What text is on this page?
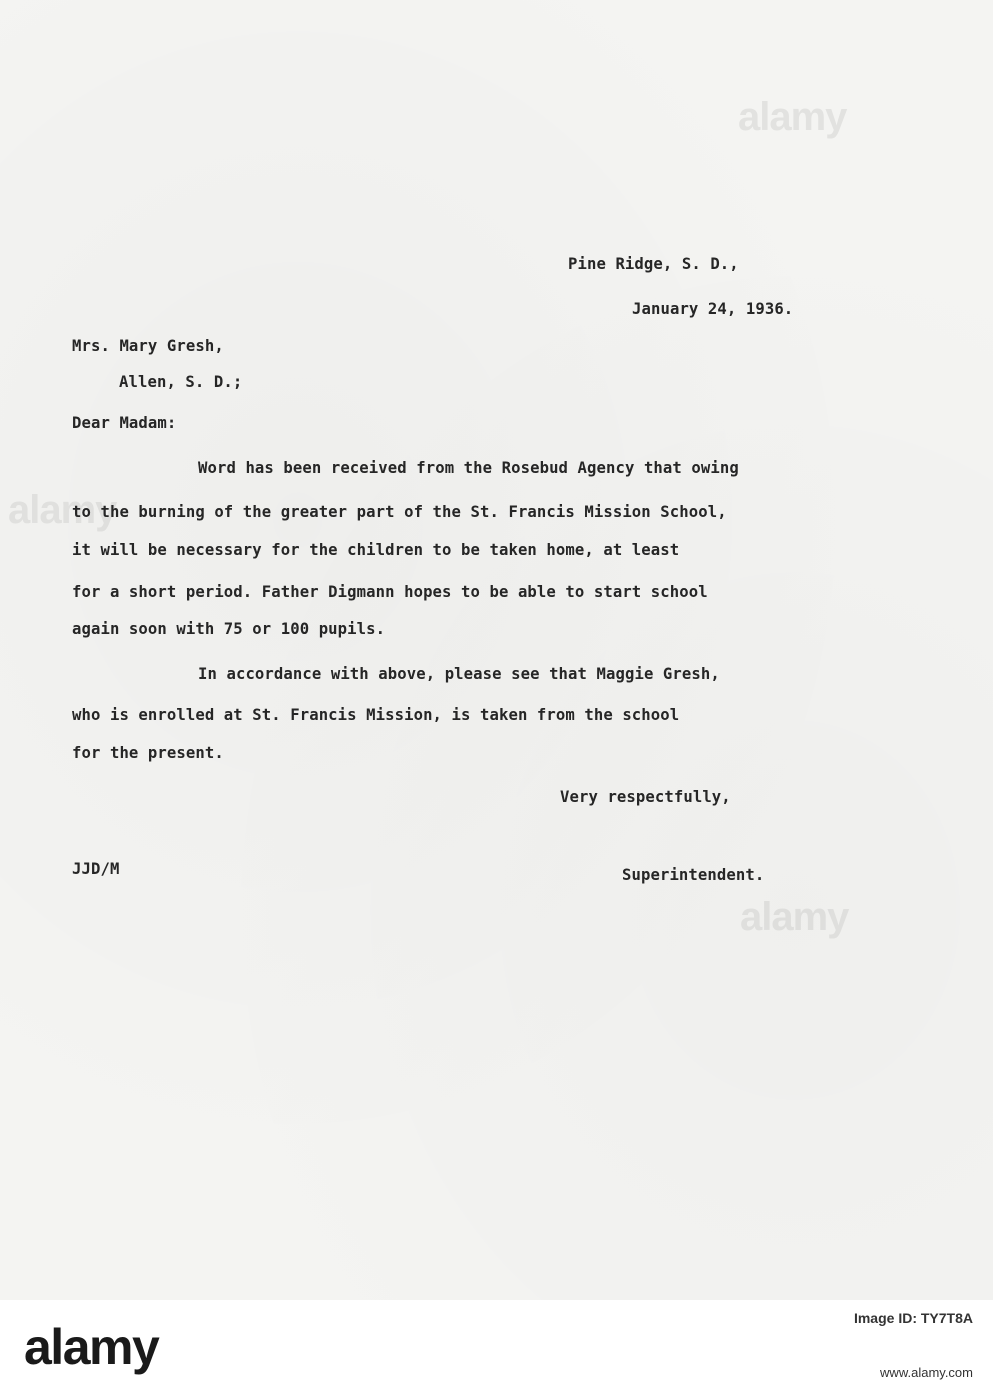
alamy
alamy
alamy
Pine Ridge, S. D.,
January 24, 1936.
Mrs. Mary Gresh,
Allen, S. D.;
Dear Madam:
Word has been received from the Rosebud Agency that owing
to the burning of the greater part of the St. Francis Mission School,
it will be necessary for the children to be taken home, at least
for a short period. Father Digmann hopes to be able to start school
again soon with 75 or 100 pupils.
In accordance with above, please see that Maggie Gresh,
who is enrolled at St. Francis Mission, is taken from the school
for the present.
Very respectfully,
JJD/M	Superintendent.
alamy
Image ID: TY7T8A
www.alamy.com
